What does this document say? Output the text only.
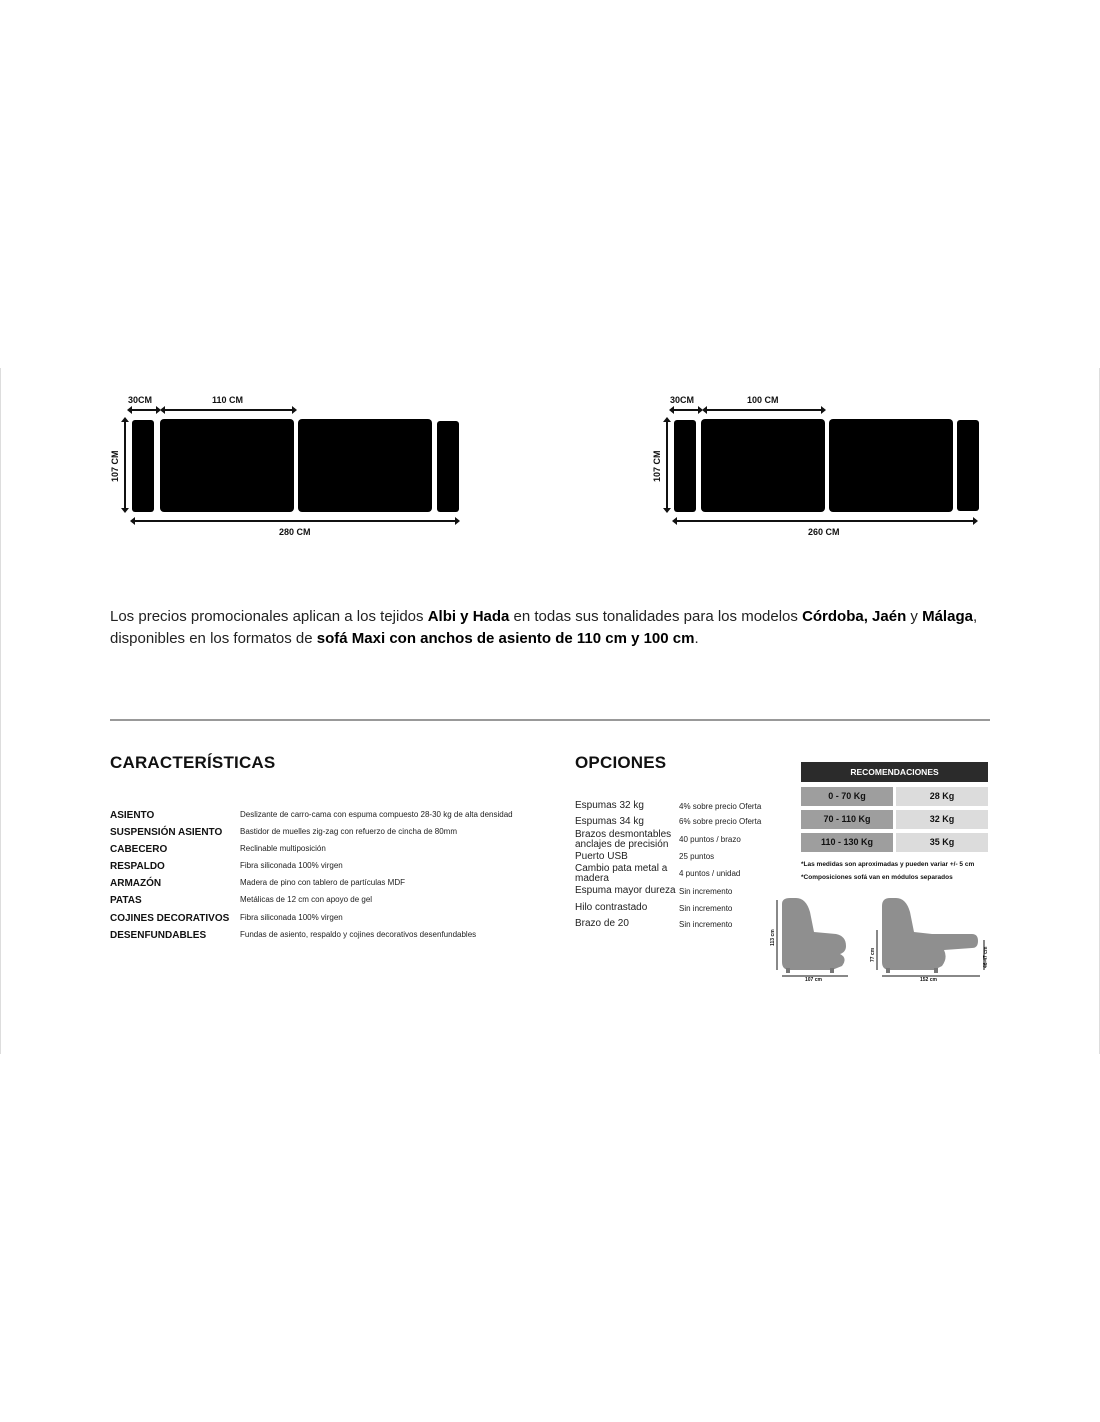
30CM	110 CM
107 CM
280 CM
30CM	100 CM
107 CM
260 CM
Los precios promocionales aplican a los tejidos Albi y Hada en todas sus tonalidades para los modelos Córdoba, Jaén y Málaga,
disponibles en los formatos de sofá Maxi con anchos de asiento de 110 cm y 100 cm.
CARACTERÍSTICAS
ASIENTO	Deslizante de carro-cama con espuma compuesto 28-30 kg de alta densidad
SUSPENSIÓN ASIENTO Bastidor de muelles zig-zag con refuerzo de cincha de 80mm
CABECERO	Reclinable multiposición
RESPALDO	Fibra siliconada 100% virgen
ARMAZÓN	Madera de pino con tablero de partículas MDF
PATAS	Metálicas de 12 cm con apoyo de gel
COJINES DECORATIVOS Fibra siliconada 100% virgen
DESENFUNDABLES	Fundas de asiento, respaldo y cojines decorativos desenfundables
OPCIONES
Espumas 32 kg	4% sobre precio Oferta
Espumas 34 kg	6% sobre precio Oferta
Brazos desmontables anclajes de precisión	40 puntos / brazo
Puerto USB	25 puntos
Cambio pata metal a madera	4 puntos / unidad
Espuma mayor dureza Sin incremento
Hilo contrastado	Sin incremento
Brazo de 20	Sin incremento
RECOMENDACIONES
0 - 70 Kg	28 Kg
70 - 110 Kg	32 Kg
110 - 130 Kg	35 Kg
*Las medidas son aproximadas y pueden variar +/- 5 cm
*Composiciones sofá van en módulos separados
113 cm
107 cm
77 cm	46-47 cm
152 cm
